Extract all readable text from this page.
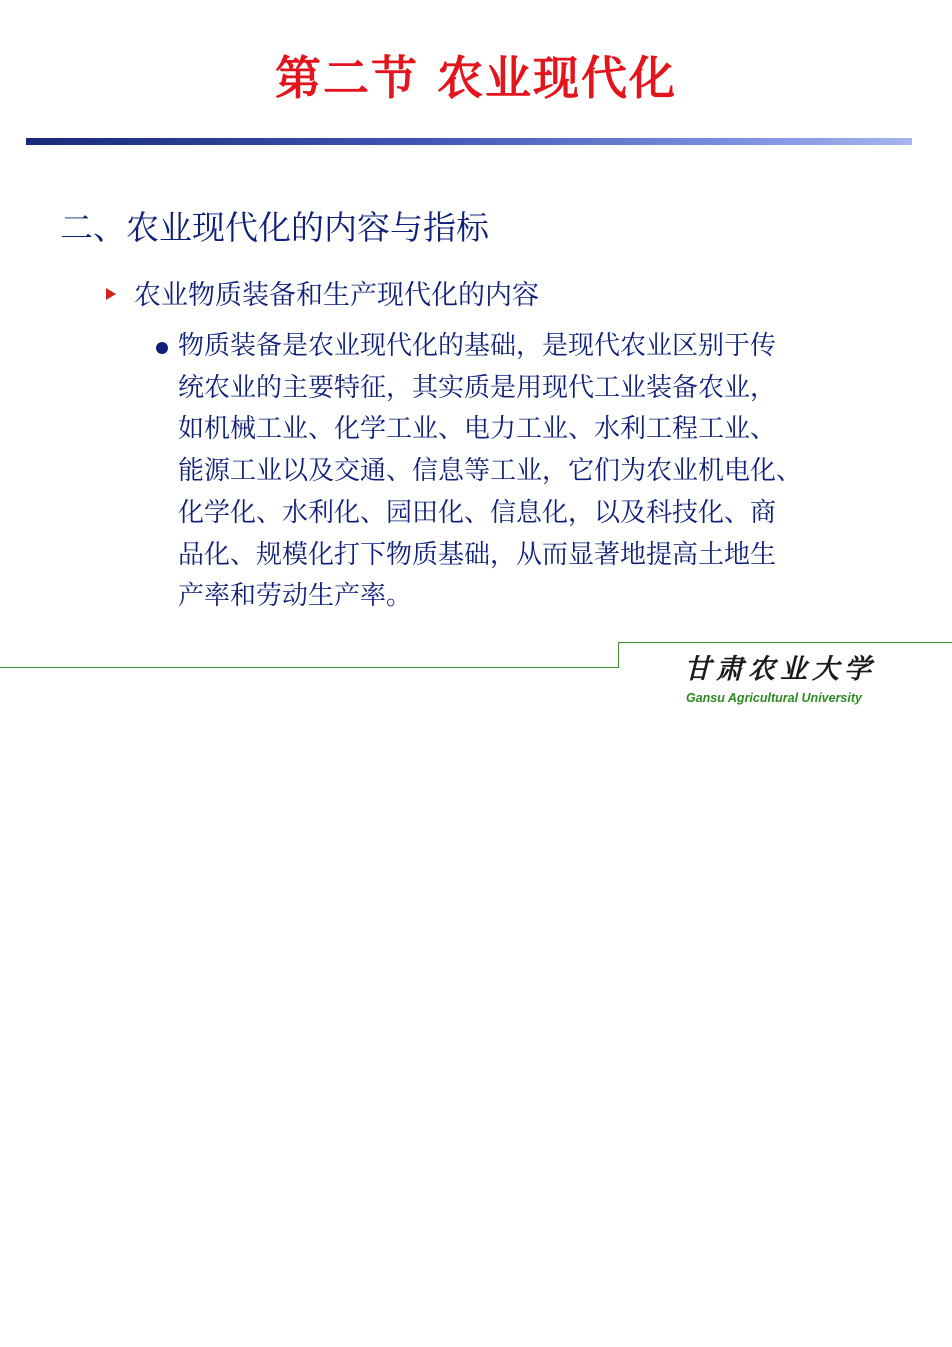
第二节 农业现代化
二、农业现代化的内容与指标
农业物质装备和生产现代化的内容
物质装备是农业现代化的基础，是现代农业区别于传
统农业的主要特征，其实质是用现代工业装备农业，
如机械工业、化学工业、电力工业、水利工程工业、
能源工业以及交通、信息等工业，它们为农业机电化、
化学化、水利化、园田化、信息化，以及科技化、商
品化、规模化打下物质基础，从而显著地提高土地生
产率和劳动生产率。
甘肃农业大学
Gansu Agricultural University
